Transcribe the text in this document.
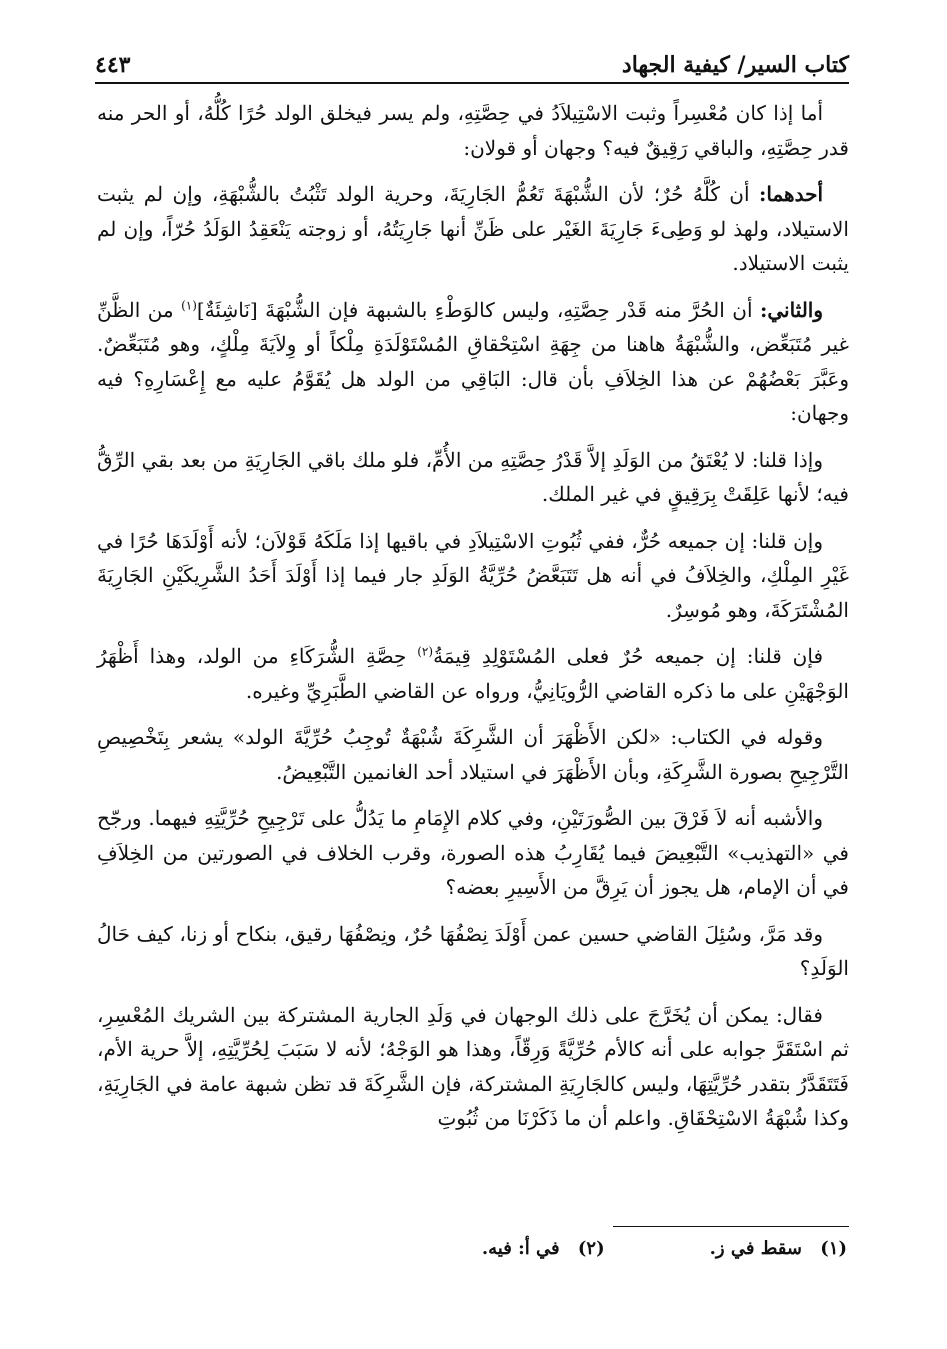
كتاب السير/ كيفية الجهاد
٤٤٣

أما إذا كان مُعْسِراً وثبت الاسْتِيلاَدُ في حِصَّتِهِ، ولم يسر فيخلق الولد حُرًا كُلُّهُ، أو الحر منه قدر حِصَّتِهِ، والباقي رَقِيقٌ فيه؟ وجهان أو قولان:

أحدهما: أن كُلَّهُ حُرٌ؛ لأن الشُّبْهَةَ تَعُمُّ الجَارِيَةَ، وحرية الولد تَثْبُتُ بالشُّبْهَةِ، وإن لم يثبت الاستيلاد، ولهذ لو وَطِىءَ جَارِيَةَ الغَيْر على ظَنِّ أنها جَارِيَتُهُ، أو زوجته يَنْعَقِدُ الوَلَدُ حُرّاً، وإن لم يثبت الاستيلاد.

والثاني: أن الحُرَّ منه قَدْر حِصَّتِهِ، وليس كالوَطْءِ بالشبهة فإن الشُّبْهَةَ [نَاشِئَةٌ]$^{(١)}$ من الظَّنِّ غير مُتَبَعِّض، والشُّبْهَةُ هاهنا من جِهَةِ اسْتِحْقاقِ المُسْتَوْلَدَةِ مِلْكاً أو وِلاَيَةَ مِلْكٍ، وهو مُتَبَعِّضٌ. وعَبَّرَ بَعْضُهُمْ عن هذا الخِلاَفِ بأن قال: البَاقِي من الولد هل يُقَوَّمُ عليه مع إِعْسَارِهِ؟ فيه وجهان:

وإذا قلنا: لا يُعْتَقُ من الوَلَدِ إلاَّ قَدْرُ حِصَّتِهِ من الأُمِّ، فلو ملك باقي الجَارِيَةِ من بعد بقي الرِّقُّ فيه؛ لأنها عَلِقَتْ بِرَقِيقٍ في غير الملك.

وإن قلنا: إن جميعه حُرٌّ، ففي ثُبُوتِ الاسْتِيلاَدِ في باقيها إذا مَلَكَهُ قَوْلاَن؛ لأنه أَوْلَدَهَا حُرًا في غَيْرِ المِلْكِ، والخِلاَفُ في أنه هل تَتَبَعَّضُ حُرِّيَّةُ الوَلَدِ جار فيما إذا أَوْلَدَ أَحَدُ الشَّرِيكَيْنِ الجَارِيَةَ المُشْتَرَكَةَ، وهو مُوسِرٌ.

فإن قلنا: إن جميعه حُرٌ فعلى المُسْتَوْلِدِ قِيمَةُ$^{(٢)}$ حِصَّةِ الشُّرَكَاءِ من الولد، وهذا أَظْهَرُ الوَجْهَيْنِ على ما ذكره القاضي الرُّويَانِيُّ، ورواه عن القاضي الطَّبَرِيِّ وغيره.

وقوله في الكتاب: «لكن الأَظْهَرَ أن الشَّرِكَةَ شُبْهَةٌ تُوجِبُ حُرِّيَّةَ الولد» يشعر بِتَخْصِيصِ التَّرْجِيحِ بصورة الشَّرِكَةِ، وبأن الأَظْهَرَ في استيلاد أحد الغانمين التَّبْعِيضُ.

والأشبه أنه لاَ فَرْقَ بين الصُّورَتَيْنِ، وفي كلام الإِمَامِ ما يَدُلُّ على تَرْجِيحِ حُرِّيَّتِهِ فيهما. ورجّح في «التهذيب» التَّبْعِيضَ فيما يُقَارِبُ هذه الصورة، وقرب الخلاف في الصورتين من الخِلاَفِ في أن الإمام، هل يجوز أن يَرِقَّ من الأَسِيرِ بعضه؟

وقد مَرَّ، وسُئِلَ القاضي حسين عمن أَوْلَدَ نِصْفُهَا حُرٌ، ونِصْفُهَا رقيق، بنكاح أو زنا، كيف حَالُ الوَلَدِ؟

فقال: يمكن أن يُخَرَّجَ على ذلك الوجهان في وَلَدِ الجارية المشتركة بين الشريك المُعْسِرِ، ثم اسْتَقَرَّ جوابه على أنه كالأم حُرِّيَّةً وَرِقّاً، وهذا هو الوَجْهُ؛ لأنه لا سَبَبَ لِحُرِّيَّتِهِ، إلاَّ حرية الأم، فَتَتَقَدَّرُ بتقدر حُرِّيَّتِهَا، وليس كالجَارِيَةِ المشتركة، فإن الشَّرِكَةَ قد تظن شبهة عامة في الجَارِيَةِ، وكذا شُبْهَةُ الاسْتِحْقَاقِ. واعلم أن ما ذَكَرْنَا من ثُبُوتِ

(١) سقط في ز.
(٢) في أ: فيه.
